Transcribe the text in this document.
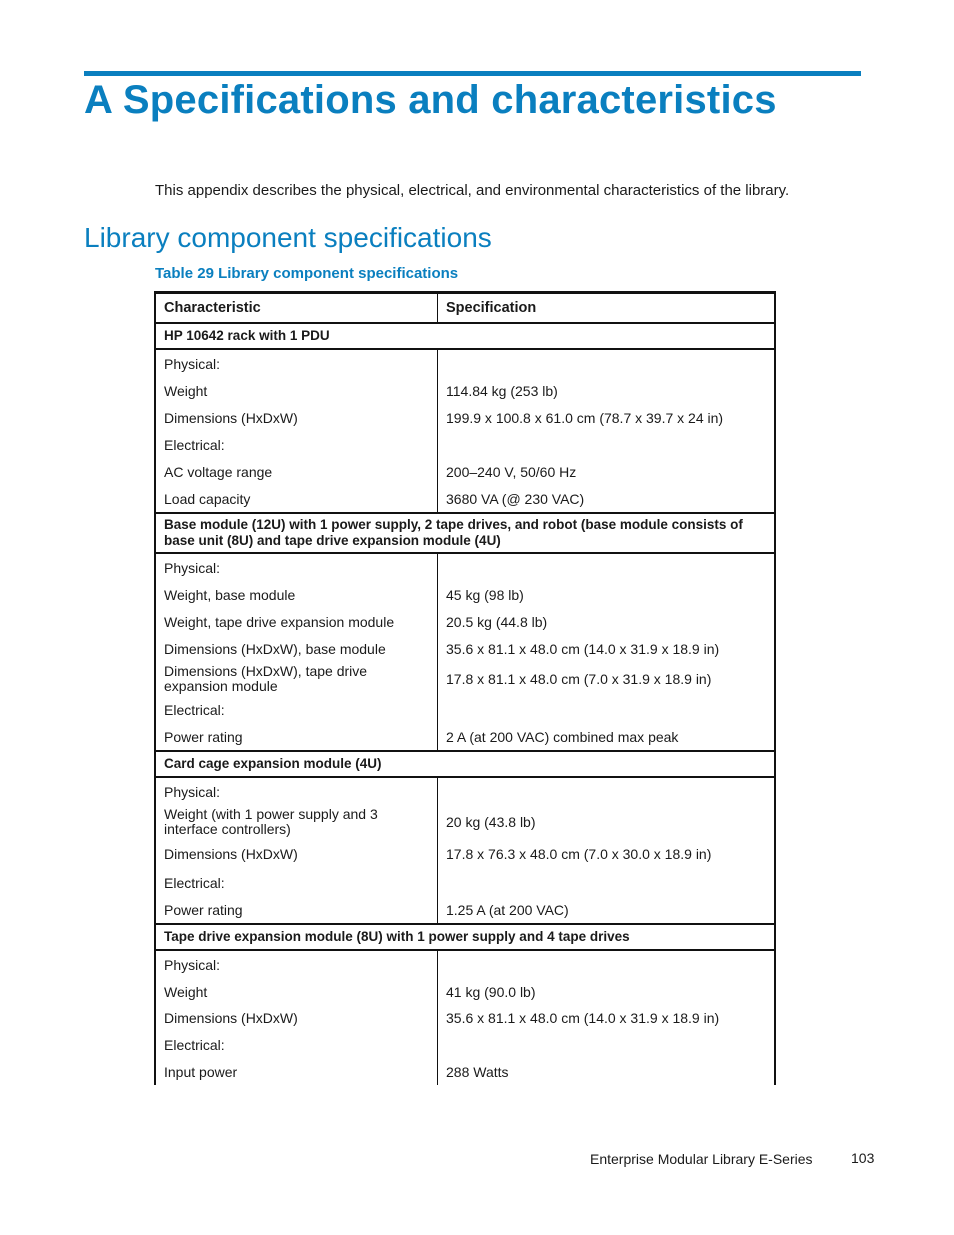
A Specifications and characteristics

This appendix describes the physical, electrical, and environmental characteristics of the library.

Library component specifications

Table 29 Library component specifications

Characteristic	Specification
HP 10642 rack with 1 PDU	
Physical:	
Weight	114.84 kg (253 lb)
Dimensions (HxDxW)	199.9 x 100.8 x 61.0 cm (78.7 x 39.7 x 24 in)
Electrical:	
AC voltage range	200–240 V, 50/60 Hz
Load capacity	3680 VA (@ 230 VAC)
Base module (12U) with 1 power supply, 2 tape drives, and robot (base module consists of base unit (8U) and tape drive expansion module (4U)	
Physical:	
Weight, base module	45 kg (98 lb)
Weight, tape drive expansion module	20.5 kg (44.8 lb)
Dimensions (HxDxW), base module	35.6 x 81.1 x 48.0 cm (14.0 x 31.9 x 18.9 in)
Dimensions (HxDxW), tape drive expansion module	17.8 x 81.1 x 48.0 cm (7.0 x 31.9 x 18.9 in)
Electrical:	
Power rating	2 A (at 200 VAC) combined max peak
Card cage expansion module (4U)	
Physical:	
Weight (with 1 power supply and 3 interface controllers)	20 kg (43.8 lb)
Dimensions (HxDxW)	17.8 x 76.3 x 48.0 cm (7.0 x 30.0 x 18.9 in)
Electrical:	
Power rating	1.25 A (at 200 VAC)
Tape drive expansion module (8U) with 1 power supply and 4 tape drives	
Physical:	
Weight	41 kg (90.0 lb)
Dimensions (HxDxW)	35.6 x 81.1 x 48.0 cm (14.0 x 31.9 x 18.9 in)
Electrical:	
Input power	288 Watts
Enterprise Modular Library E-Series	103
